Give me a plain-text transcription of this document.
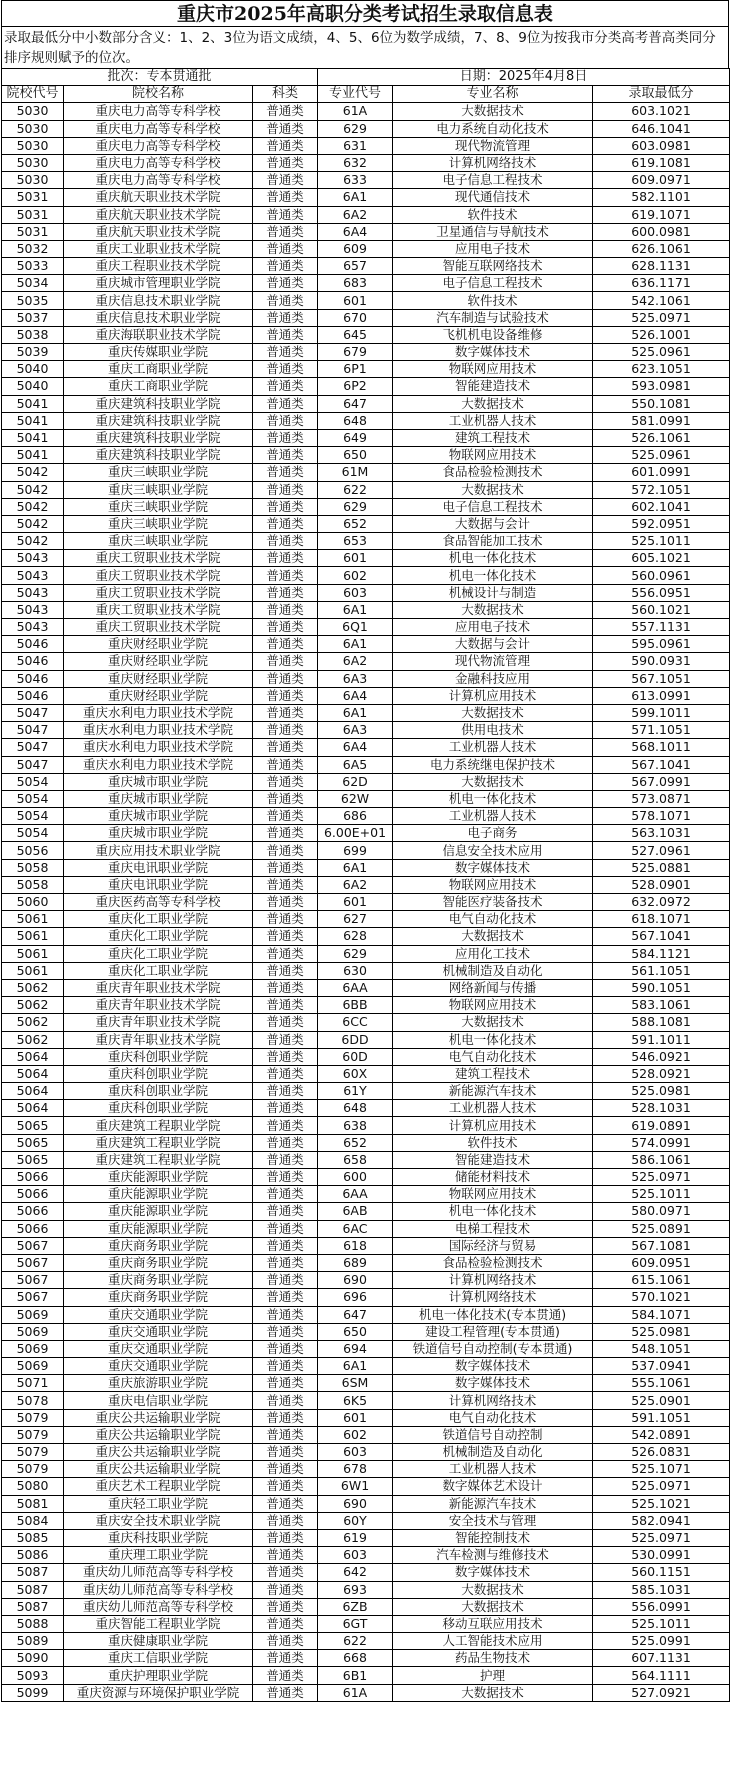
重庆市2025年高职分类考试招生录取信息表
录取最低分中小数部分含义：1、2、3位为语文成绩，4、5、6位为数学成绩，7、8、9位为按我市分类高考普高类同分排序规则赋予的位次。
批次：专本贯通批			日期：2025年4月8日		
院校代号	院校名称	科类	专业代号	专业名称	录取最低分
5030	重庆电力高等专科学校	普通类	61A	大数据技术	603.1021
5030	重庆电力高等专科学校	普通类	629	电力系统自动化技术	646.1041
5030	重庆电力高等专科学校	普通类	631	现代物流管理	603.0981
5030	重庆电力高等专科学校	普通类	632	计算机网络技术	619.1081
5030	重庆电力高等专科学校	普通类	633	电子信息工程技术	609.0971
5031	重庆航天职业技术学院	普通类	6A1	现代通信技术	582.1101
5031	重庆航天职业技术学院	普通类	6A2	软件技术	619.1071
5031	重庆航天职业技术学院	普通类	6A4	卫星通信与导航技术	600.0981
5032	重庆工业职业技术学院	普通类	609	应用电子技术	626.1061
5033	重庆工程职业技术学院	普通类	657	智能互联网络技术	628.1131
5034	重庆城市管理职业学院	普通类	683	电子信息工程技术	636.1171
5035	重庆信息技术职业学院	普通类	601	软件技术	542.1061
5037	重庆信息技术职业学院	普通类	670	汽车制造与试验技术	525.0971
5038	重庆海联职业技术学院	普通类	645	飞机机电设备维修	526.1001
5039	重庆传媒职业学院	普通类	679	数字媒体技术	525.0961
5040	重庆工商职业学院	普通类	6P1	物联网应用技术	623.1051
5040	重庆工商职业学院	普通类	6P2	智能建造技术	593.0981
5041	重庆建筑科技职业学院	普通类	647	大数据技术	550.1081
5041	重庆建筑科技职业学院	普通类	648	工业机器人技术	581.0991
5041	重庆建筑科技职业学院	普通类	649	建筑工程技术	526.1061
5041	重庆建筑科技职业学院	普通类	650	物联网应用技术	525.0961
5042	重庆三峡职业学院	普通类	61M	食品检验检测技术	601.0991
5042	重庆三峡职业学院	普通类	622	大数据技术	572.1051
5042	重庆三峡职业学院	普通类	629	电子信息工程技术	602.1041
5042	重庆三峡职业学院	普通类	652	大数据与会计	592.0951
5042	重庆三峡职业学院	普通类	653	食品智能加工技术	525.1011
5043	重庆工贸职业技术学院	普通类	601	机电一体化技术	605.1021
5043	重庆工贸职业技术学院	普通类	602	机电一体化技术	560.0961
5043	重庆工贸职业技术学院	普通类	603	机械设计与制造	556.0951
5043	重庆工贸职业技术学院	普通类	6A1	大数据技术	560.1021
5043	重庆工贸职业技术学院	普通类	6Q1	应用电子技术	557.1131
5046	重庆财经职业学院	普通类	6A1	大数据与会计	595.0961
5046	重庆财经职业学院	普通类	6A2	现代物流管理	590.0931
5046	重庆财经职业学院	普通类	6A3	金融科技应用	567.1051
5046	重庆财经职业学院	普通类	6A4	计算机应用技术	613.0991
5047	重庆水利电力职业技术学院	普通类	6A1	大数据技术	599.1011
5047	重庆水利电力职业技术学院	普通类	6A3	供用电技术	571.1051
5047	重庆水利电力职业技术学院	普通类	6A4	工业机器人技术	568.1011
5047	重庆水利电力职业技术学院	普通类	6A5	电力系统继电保护技术	567.1041
5054	重庆城市职业学院	普通类	62D	大数据技术	567.0991
5054	重庆城市职业学院	普通类	62W	机电一体化技术	573.0871
5054	重庆城市职业学院	普通类	686	工业机器人技术	578.1071
5054	重庆城市职业学院	普通类	6.00E+01	电子商务	563.1031
5056	重庆应用技术职业学院	普通类	699	信息安全技术应用	527.0961
5058	重庆电讯职业学院	普通类	6A1	数字媒体技术	525.0881
5058	重庆电讯职业学院	普通类	6A2	物联网应用技术	528.0901
5060	重庆医药高等专科学校	普通类	601	智能医疗装备技术	632.0972
5061	重庆化工职业学院	普通类	627	电气自动化技术	618.1071
5061	重庆化工职业学院	普通类	628	大数据技术	567.1041
5061	重庆化工职业学院	普通类	629	应用化工技术	584.1121
5061	重庆化工职业学院	普通类	630	机械制造及自动化	561.1051
5062	重庆青年职业技术学院	普通类	6AA	网络新闻与传播	590.1051
5062	重庆青年职业技术学院	普通类	6BB	物联网应用技术	583.1061
5062	重庆青年职业技术学院	普通类	6CC	大数据技术	588.1081
5062	重庆青年职业技术学院	普通类	6DD	机电一体化技术	591.1011
5064	重庆科创职业学院	普通类	60D	电气自动化技术	546.0921
5064	重庆科创职业学院	普通类	60X	建筑工程技术	528.0921
5064	重庆科创职业学院	普通类	61Y	新能源汽车技术	525.0981
5064	重庆科创职业学院	普通类	648	工业机器人技术	528.1031
5065	重庆建筑工程职业学院	普通类	638	计算机应用技术	619.0891
5065	重庆建筑工程职业学院	普通类	652	软件技术	574.0991
5065	重庆建筑工程职业学院	普通类	658	智能建造技术	586.1061
5066	重庆能源职业学院	普通类	600	储能材料技术	525.0971
5066	重庆能源职业学院	普通类	6AA	物联网应用技术	525.1011
5066	重庆能源职业学院	普通类	6AB	机电一体化技术	580.0971
5066	重庆能源职业学院	普通类	6AC	电梯工程技术	525.0891
5067	重庆商务职业学院	普通类	618	国际经济与贸易	567.1081
5067	重庆商务职业学院	普通类	689	食品检验检测技术	609.0951
5067	重庆商务职业学院	普通类	690	计算机网络技术	615.1061
5067	重庆商务职业学院	普通类	696	计算机网络技术	570.1021
5069	重庆交通职业学院	普通类	647	机电一体化技术(专本贯通)	584.1071
5069	重庆交通职业学院	普通类	650	建设工程管理(专本贯通)	525.0981
5069	重庆交通职业学院	普通类	694	铁道信号自动控制(专本贯通)	548.1051
5069	重庆交通职业学院	普通类	6A1	数字媒体技术	537.0941
5071	重庆旅游职业学院	普通类	6SM	数字媒体技术	555.1061
5078	重庆电信职业学院	普通类	6K5	计算机网络技术	525.0901
5079	重庆公共运输职业学院	普通类	601	电气自动化技术	591.1051
5079	重庆公共运输职业学院	普通类	602	铁道信号自动控制	542.0891
5079	重庆公共运输职业学院	普通类	603	机械制造及自动化	526.0831
5079	重庆公共运输职业学院	普通类	678	工业机器人技术	525.1071
5080	重庆艺术工程职业学院	普通类	6W1	数字媒体艺术设计	525.0971
5081	重庆轻工职业学院	普通类	690	新能源汽车技术	525.1021
5084	重庆安全技术职业学院	普通类	60Y	安全技术与管理	582.0941
5085	重庆科技职业学院	普通类	619	智能控制技术	525.0971
5086	重庆理工职业学院	普通类	603	汽车检测与维修技术	530.0991
5087	重庆幼儿师范高等专科学校	普通类	642	数字媒体技术	560.1151
5087	重庆幼儿师范高等专科学校	普通类	693	大数据技术	585.1031
5087	重庆幼儿师范高等专科学校	普通类	6ZB	大数据技术	556.0991
5088	重庆智能工程职业学院	普通类	6GT	移动互联应用技术	525.1011
5089	重庆健康职业学院	普通类	622	人工智能技术应用	525.0991
5090	重庆工信职业学院	普通类	668	药品生物技术	607.1131
5093	重庆护理职业学院	普通类	6B1	护理	564.1111
5099	重庆资源与环境保护职业学院	普通类	61A	大数据技术	527.0921
